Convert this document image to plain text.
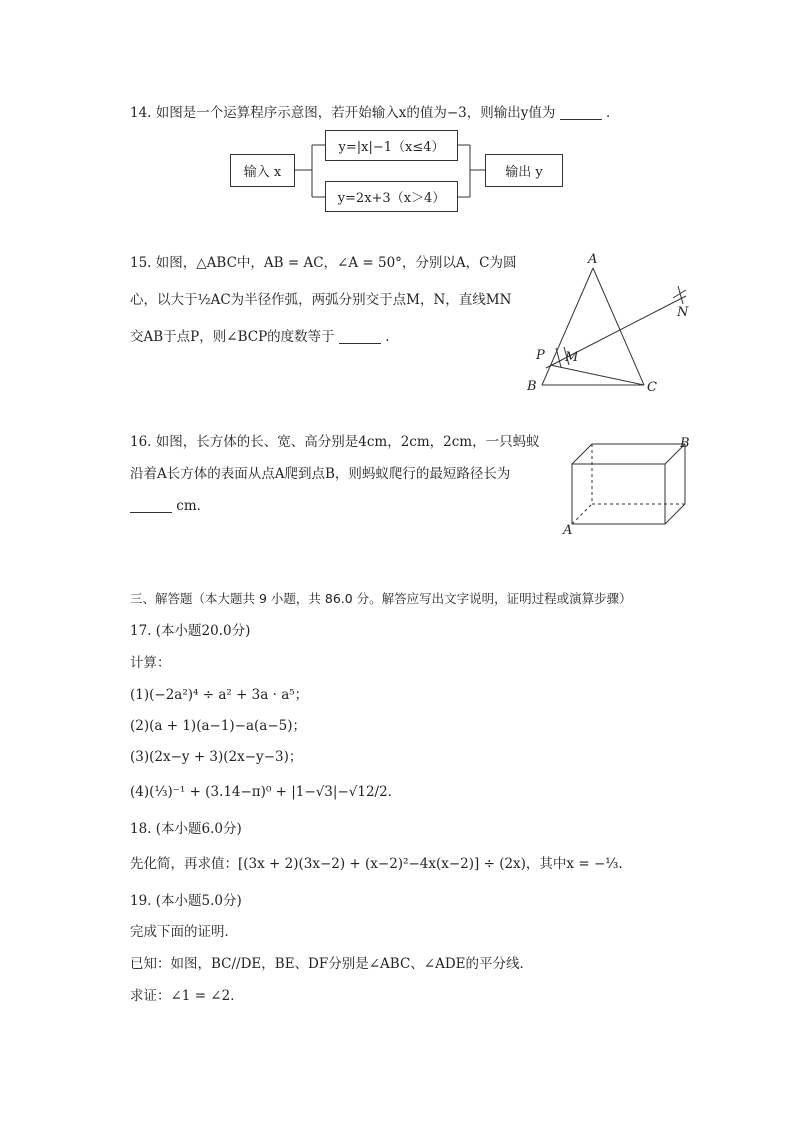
14. 如图是一个运算程序示意图，若开始输入x的值为−3，则输出y值为	．
输入 x
y=|x|−1（x≤4）
y=2x+3（x＞4）
输出 y
15. 如图，△ABC中，AB = AC，∠A = 50°，分别以A，C为圆
心，以大于½AC为半径作弧，两弧分别交于点M，N，直线MN
交AB于点P，则∠BCP的度数等于	．
A
B	C
P M
N
16. 如图，长方体的长、宽、高分别是4cm，2cm，2cm，一只蚂蚁
沿着A长方体的表面从点A爬到点B，则蚂蚁爬行的最短路径长为
cm．
A
B
三、解答题（本大题共 9 小题，共 86.0 分。解答应写出文字说明，证明过程或演算步骤）
17. (本小题20.0分)
计算：
(1)(−2a²)⁴ ÷ a² + 3a · a⁵；
(2)(a + 1)(a−1)−a(a−5)；
(3)(2x−y + 3)(2x−y−3)；
(4)(⅓)⁻¹ + (3.14−π)⁰ + |1−√3|−√12/2．
18. (本小题6.0分)
先化简，再求值：[(3x + 2)(3x−2) + (x−2)²−4x(x−2)] ÷ (2x)，其中x = −⅓.
19. (本小题5.0分)
完成下面的证明．
已知：如图，BC//DE，BE、DF分别是∠ABC、∠ADE的平分线．
求证：∠1 = ∠2．
